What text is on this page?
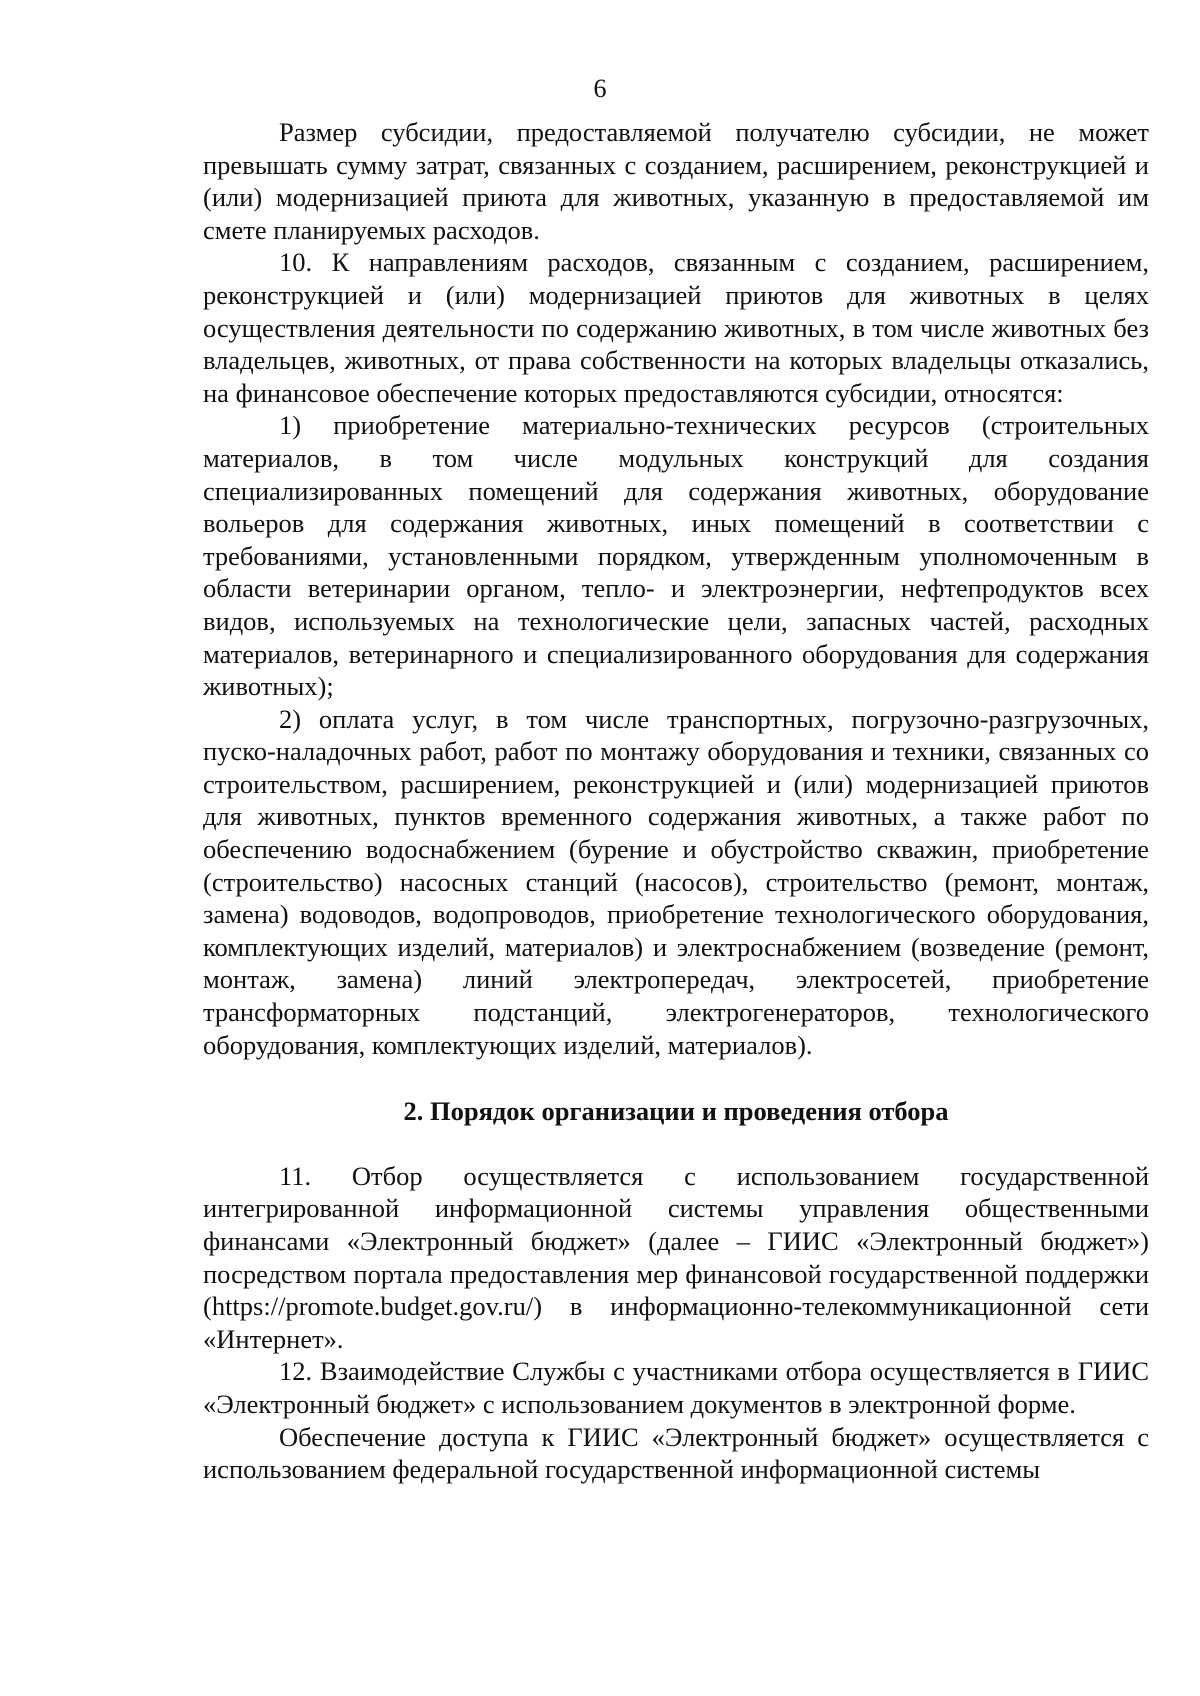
6

Размер субсидии, предоставляемой получателю субсидии, не может превышать сумму затрат, связанных с созданием, расширением, реконструкцией и (или) модернизацией приюта для животных, указанную в предоставляемой им смете планируемых расходов.

10. К направлениям расходов, связанным с созданием, расширением, реконструкцией и (или) модернизацией приютов для животных в целях осуществления деятельности по содержанию животных, в том числе животных без владельцев, животных, от права собственности на которых владельцы отказались, на финансовое обеспечение которых предоставляются субсидии, относятся:

1) приобретение материально-технических ресурсов (строительных материалов, в том числе модульных конструкций для создания специализированных помещений для содержания животных, оборудование вольеров для содержания животных, иных помещений в соответствии с требованиями, установленными порядком, утвержденным уполномоченным в области ветеринарии органом, тепло- и электроэнергии, нефтепродуктов всех видов, используемых на технологические цели, запасных частей, расходных материалов, ветеринарного и специализированного оборудования для содержания животных);

2) оплата услуг, в том числе транспортных, погрузочно-разгрузочных, пуско-наладочных работ, работ по монтажу оборудования и техники, связанных со строительством, расширением, реконструкцией и (или) модернизацией приютов для животных, пунктов временного содержания животных, а также работ по обеспечению водоснабжением (бурение и обустройство скважин, приобретение (строительство) насосных станций (насосов), строительство (ремонт, монтаж, замена) водоводов, водопроводов, приобретение технологического оборудования, комплектующих изделий, материалов) и электроснабжением (возведение (ремонт, монтаж, замена) линий электропередач, электросетей, приобретение трансформаторных подстанций, электрогенераторов, технологического оборудования, комплектующих изделий, материалов).

2. Порядок организации и проведения отбора

11. Отбор осуществляется с использованием государственной интегрированной информационной системы управления общественными финансами «Электронный бюджет» (далее – ГИИС «Электронный бюджет») посредством портала предоставления мер финансовой государственной поддержки (https://promote.budget.gov.ru/) в информационно-телекоммуникационной сети «Интернет».

12. Взаимодействие Службы с участниками отбора осуществляется в ГИИС «Электронный бюджет» с использованием документов в электронной форме.

Обеспечение доступа к ГИИС «Электронный бюджет» осуществляется с использованием федеральной государственной информационной системы
